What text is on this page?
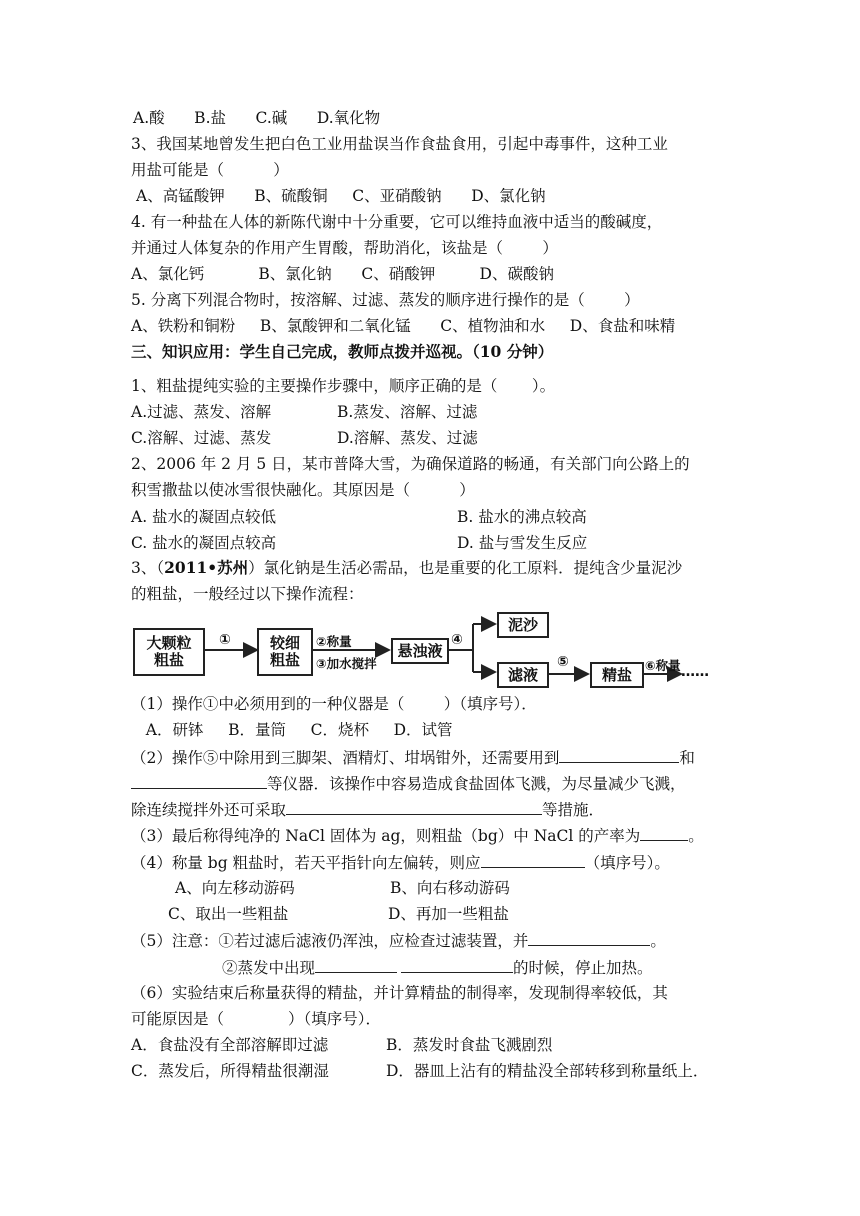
A.酸      B.盐      C.碱      D.氧化物
3、我国某地曾发生把白色工业用盐误当作食盐食用，引起中毒事件，这种工业
用盐可能是（          ）
A、高锰酸钾      B、硫酸铜     C、亚硝酸钠      D、氯化钠
4. 有一种盐在人体的新陈代谢中十分重要，它可以维持血液中适当的酸碱度，
并通过人体复杂的作用产生胃酸，帮助消化，该盐是（        ）
A、氯化钙           B、氯化钠      C、硝酸钾         D、碳酸钠
5. 分离下列混合物时，按溶解、过滤、蒸发的顺序进行操作的是（        ）
A、铁粉和铜粉     B、氯酸钾和二氧化锰      C、植物油和水     D、食盐和味精
三、知识应用：学生自己完成，教师点拨并巡视。（10 分钟）
1、粗盐提纯实验的主要操作步骤中，顺序正确的是（       ）。
A.过滤、蒸发、溶解	B.蒸发、溶解、过滤
C.溶解、过滤、蒸发	D.溶解、蒸发、过滤
2、2006 年 2 月 5 日，某市普降大雪，为确保道路的畅通，有关部门向公路上的
积雪撒盐以使冰雪很快融化。其原因是（          ）
A. 盐水的凝固点较低	B. 盐水的沸点较高
C. 盐水的凝固点较高	D. 盐与雪发生反应
3、（2011•苏州）氯化钠是生活必需品，也是重要的化工原料．提纯含少量泥沙
的粗盐，一般经过以下操作流程：
大颗粒
粗盐
①	较细
粗盐
②称量
③加水搅拌
悬浊液
④
泥沙
滤液
⑤
精盐	⑥称量 ……
（1）操作①中必须用到的一种仪器是（        ）（填序号）．
A．研钵     B．量筒     C．烧杯     D．试管
（2）操作⑤中除用到三脚架、酒精灯、坩埚钳外，还需要用到	和
等仪器．该操作中容易造成食盐固体飞溅，为尽量减少飞溅，
除连续搅拌外还可采取	等措施．
（3）最后称得纯净的 NaCl 固体为 ag，则粗盐（bg）中 NaCl 的产率为	。
（4）称量 bg 粗盐时，若天平指针向左偏转，则应	（填序号）。
A、向左移动游码	B、向右移动游码
C、取出一些粗盐	D、再加一些粗盐
（5）注意：①若过滤后滤液仍浑浊，应检查过滤装置，并	。
②蒸发中出现	的时候，停止加热。
（6）实验结束后称量获得的精盐，并计算精盐的制得率，发现制得率较低，其
可能原因是（             ）（填序号）．
A．食盐没有全部溶解即过滤	B．蒸发时食盐飞溅剧烈
C．蒸发后，所得精盐很潮湿	D．器皿上沾有的精盐没全部转移到称量纸上．
